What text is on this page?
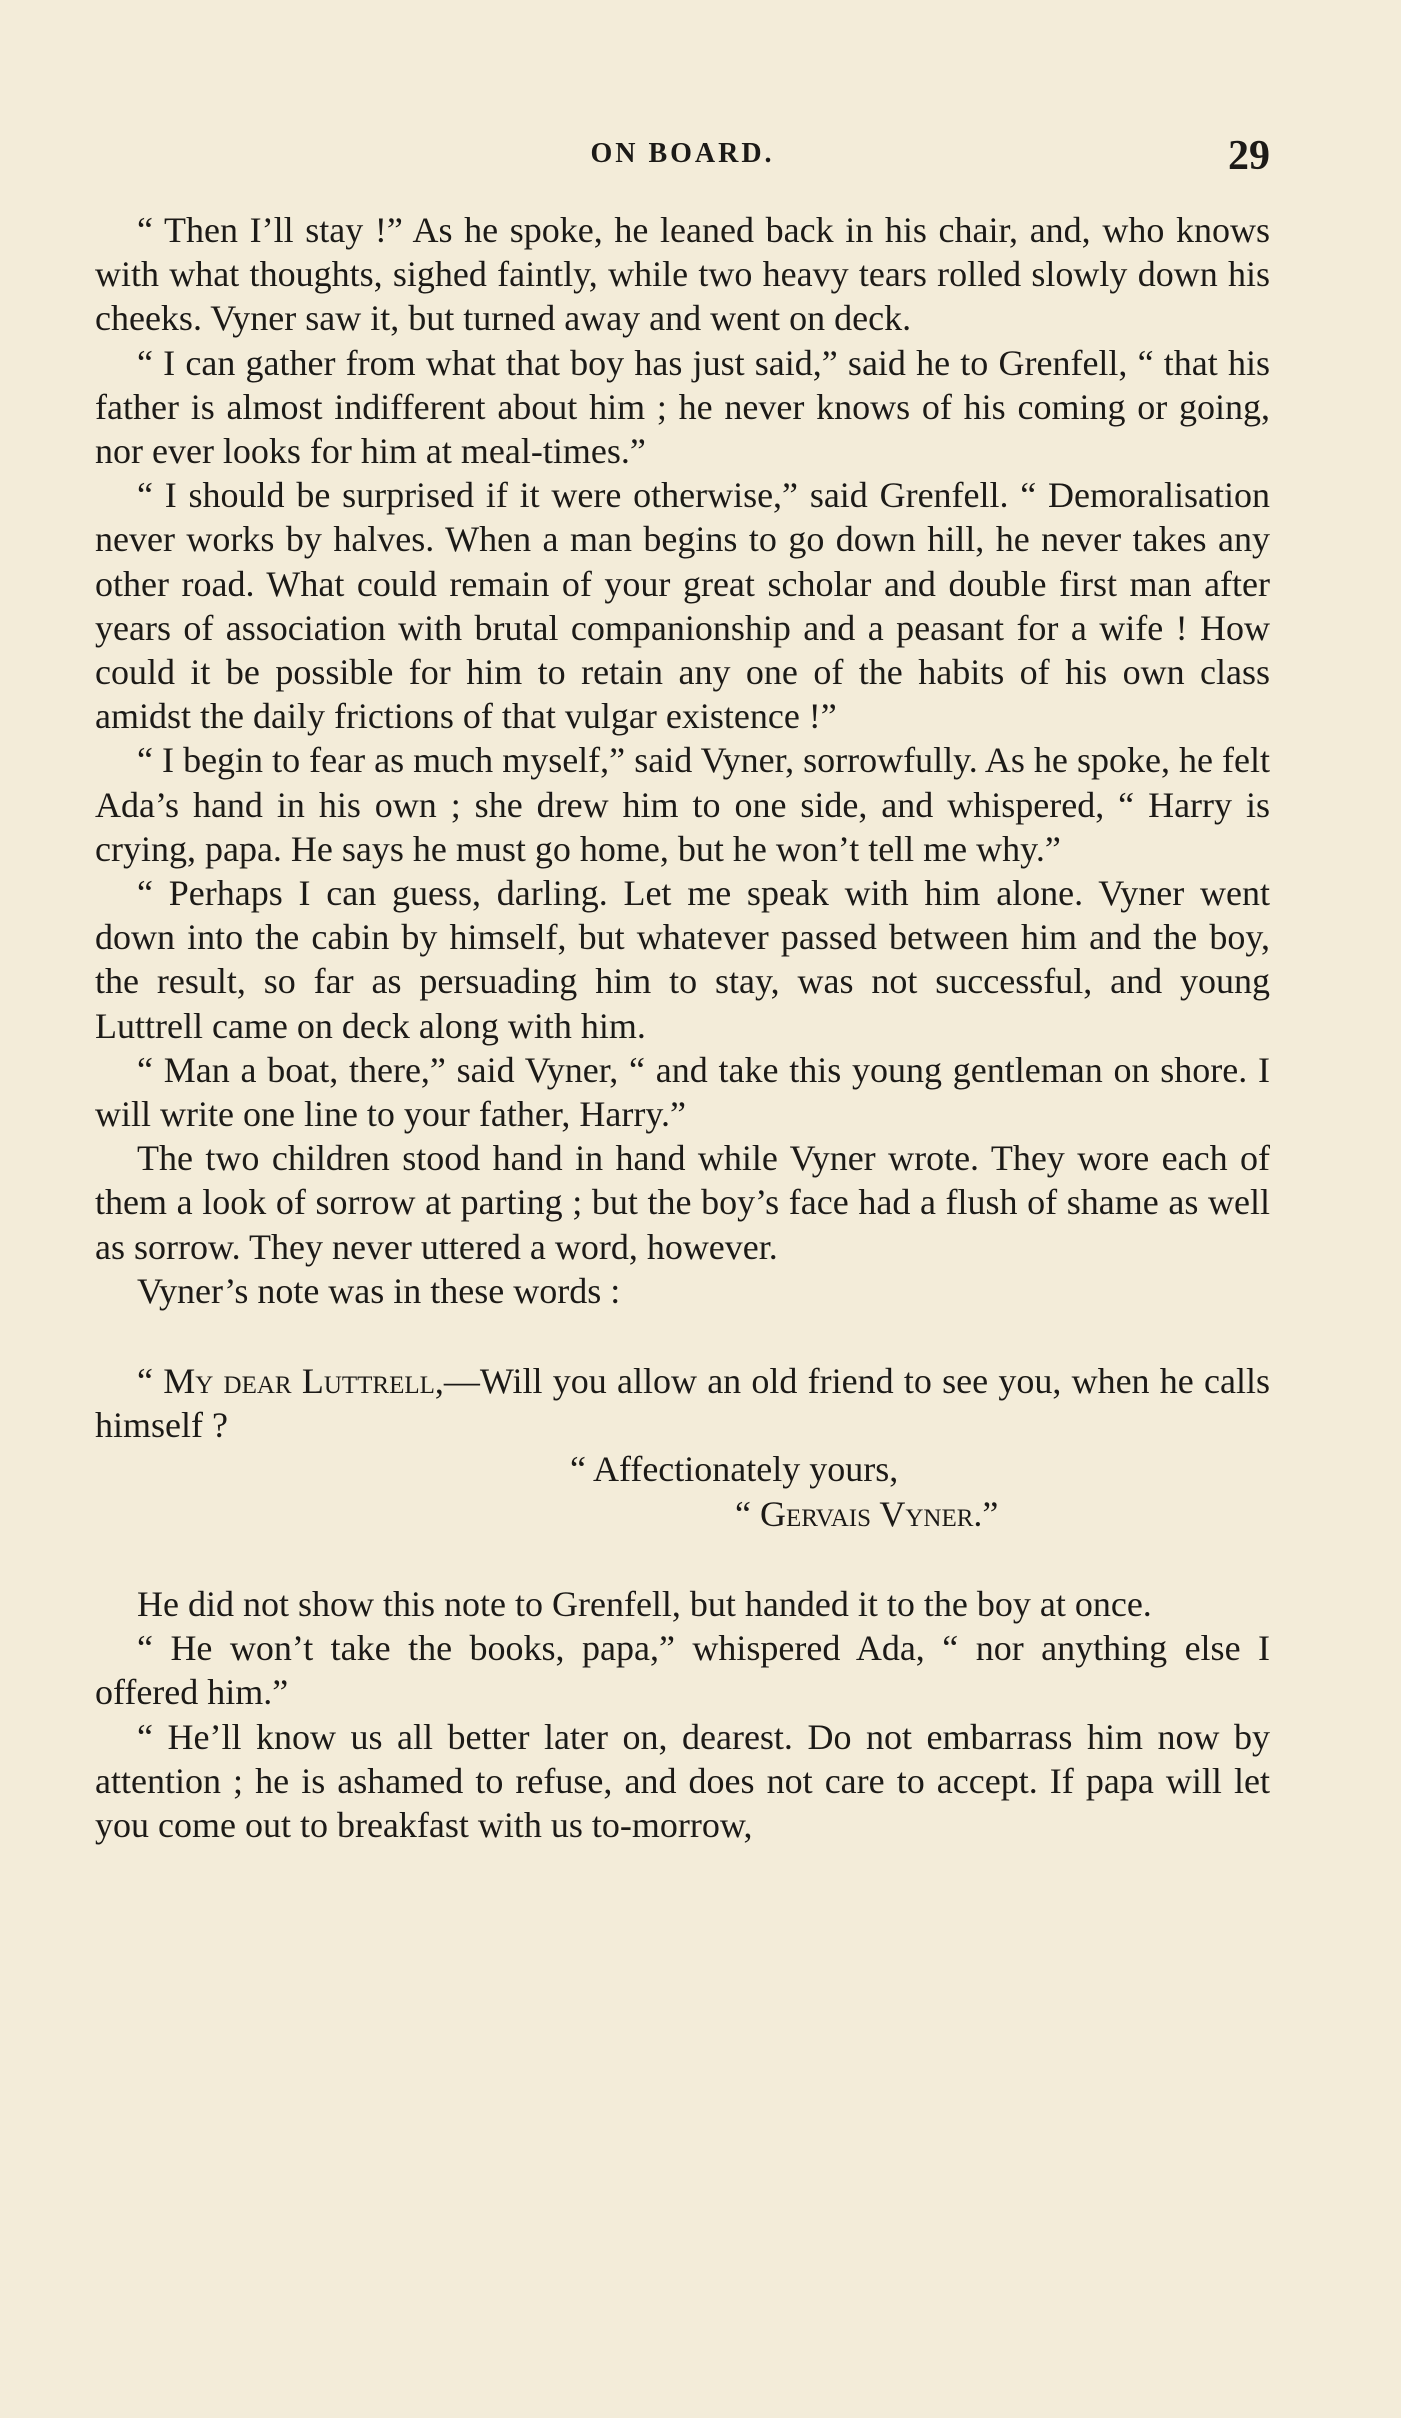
ON BOARD.	29

“ Then I’ll stay !” As he spoke, he leaned back in his chair, and, who knows with what thoughts, sighed faintly, while two heavy tears rolled slowly down his cheeks. Vyner saw it, but turned away and went on deck.

“ I can gather from what that boy has just said,” said he to Grenfell, “ that his father is almost indifferent about him ; he never knows of his coming or going, nor ever looks for him at meal-times.”

“ I should be surprised if it were otherwise,” said Grenfell. “ Demoralisation never works by halves. When a man begins to go down hill, he never takes any other road. What could remain of your great scholar and double first man after years of association with brutal companionship and a peasant for a wife ! How could it be possible for him to retain any one of the habits of his own class amidst the daily frictions of that vulgar existence !”

“ I begin to fear as much myself,” said Vyner, sorrowfully. As he spoke, he felt Ada’s hand in his own ; she drew him to one side, and whispered, “ Harry is crying, papa. He says he must go home, but he won’t tell me why.”

“ Perhaps I can guess, darling. Let me speak with him alone. Vyner went down into the cabin by himself, but whatever passed between him and the boy, the result, so far as persuading him to stay, was not successful, and young Luttrell came on deck along with him.

“ Man a boat, there,” said Vyner, “ and take this young gentleman on shore. I will write one line to your father, Harry.”

The two children stood hand in hand while Vyner wrote. They wore each of them a look of sorrow at parting ; but the boy’s face had a flush of shame as well as sorrow. They never uttered a word, however.

Vyner’s note was in these words :

“ My dear Luttrell,—Will you allow an old friend to see you, when he calls himself ?

“ Affectionately yours,

“ Gervais Vyner.”

He did not show this note to Grenfell, but handed it to the boy at once.

“ He won’t take the books, papa,” whispered Ada, “ nor anything else I offered him.”

“ He’ll know us all better later on, dearest. Do not embarrass him now by attention ; he is ashamed to refuse, and does not care to accept. If papa will let you come out to breakfast with us to-morrow,
